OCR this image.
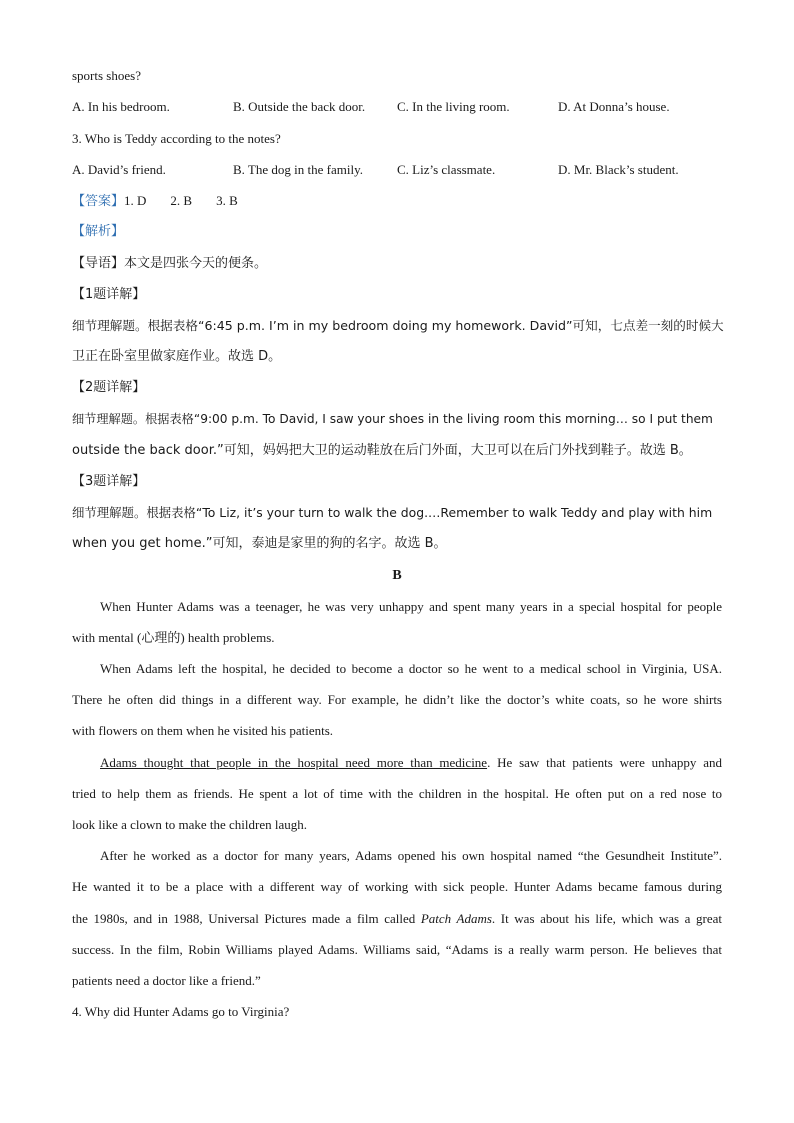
sports shoes?
A. In his bedroom.	B. Outside the back door. C. In the living room.	D. At Donna’s house.
3. Who is Teddy according to the notes?
A. David’s friend.	B. The dog in the family.	C. Liz’s classmate.	D. Mr. Black’s student.
【答案】1. D 2. B 3. B
【解析】
【导语】本文是四张今天的便条。
【1题详解】
细节理解题。根据表格“6:45 p.m. I’m in my bedroom doing my homework. David”可知，七点差一刻的时候大
卫正在卧室里做家庭作业。故选 D。
【2题详解】
细节理解题。根据表格“9:00 p.m. To David, I saw your shoes in the living room this morning… so I put them
outside the back door.”可知，妈妈把大卫的运动鞋放在后门外面，大卫可以在后门外找到鞋子。故选 B。
【3题详解】
细节理解题。根据表格“To Liz, it’s your turn to walk the dog.…Remember to walk Teddy and play with him
when you get home.”可知，泰迪是家里的狗的名字。故选 B。
B
When Hunter Adams was a teenager, he was very unhappy and spent many years in a special hospital for people
with mental (心理的) health problems.
When Adams left the hospital, he decided to become a doctor so he went to a medical school in Virginia, USA.
There he often did things in a different way. For example, he didn’t like the doctor’s white coats, so he wore shirts
with flowers on them when he visited his patients.
Adams thought that people in the hospital need more than medicine. He saw that patients were unhappy and
tried to help them as friends. He spent a lot of time with the children in the hospital. He often put on a red nose to
look like a clown to make the children laugh.
After he worked as a doctor for many years, Adams opened his own hospital named “the Gesundheit Institute”.
He wanted it to be a place with a different way of working with sick people. Hunter Adams became famous during
the 1980s, and in 1988, Universal Pictures made a film called Patch Adams. It was about his life, which was a great
success. In the film, Robin Williams played Adams. Williams said, “Adams is a really warm person. He believes that
patients need a doctor like a friend.”
4. Why did Hunter Adams go to Virginia?
